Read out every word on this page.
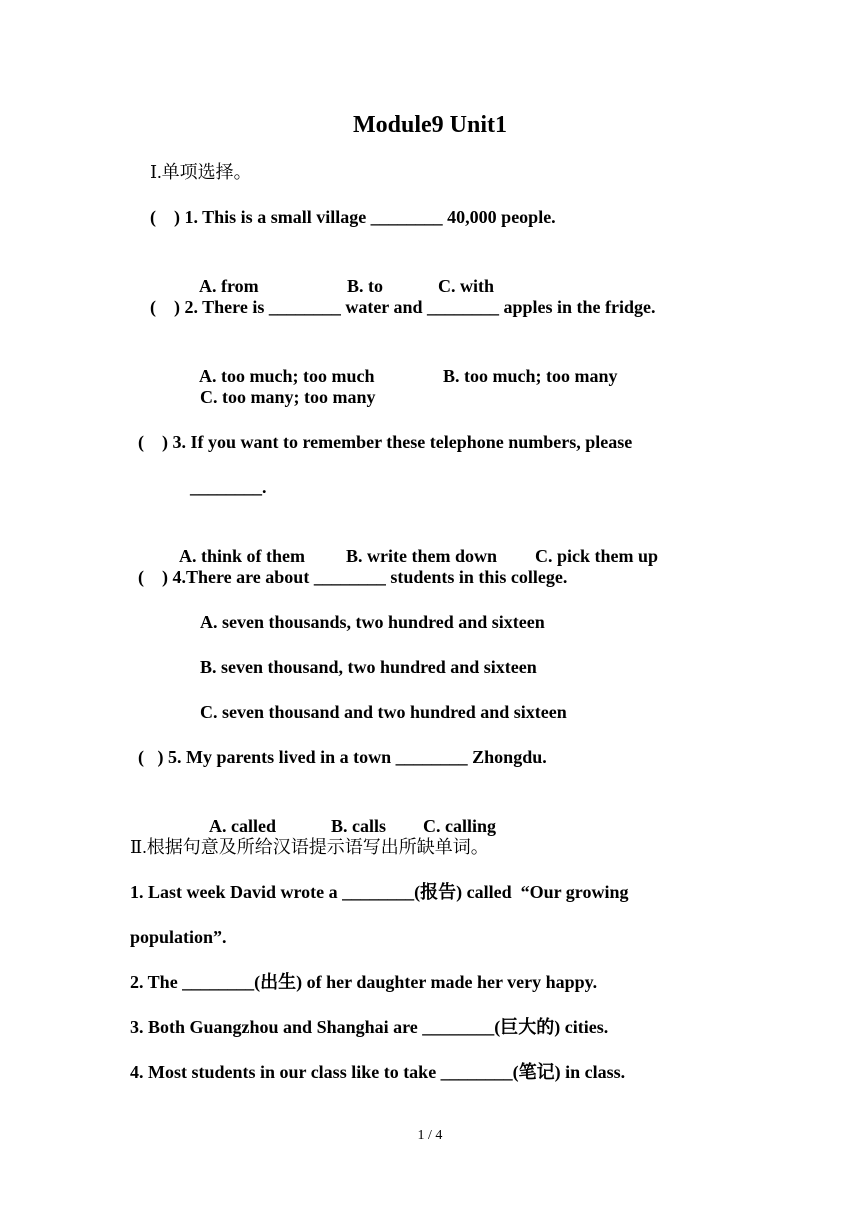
Module9 Unit1
Ⅰ.单项选择。
(    ) 1. This is a small village ________ 40,000 people.

A. from	B. to	C. with

(    ) 2. There is ________ water and ________ apples in the fridge.

A. too much; too much	B. too much; too many

C. too many; too many
(    ) 3. If you want to remember these telephone numbers, please
________.

A. think of them B. write them down C. pick them up

(    ) 4.There are about ________ students in this college.
A. seven thousands, two hundred and sixteen
B. seven thousand, two hundred and sixteen
C. seven thousand and two hundred and sixteen
(   ) 5. My parents lived in a town ________ Zhongdu.

A. called	B. calls C. calling

Ⅱ.根据句意及所给汉语提示语写出所缺单词。
1. Last week David wrote a ________(报告) called  “Our growing
population”.
2. The ________(出生) of her daughter made her very happy.
3. Both Guangzhou and Shanghai are ________(巨大的) cities.
4. Most students in our class like to take ________(笔记) in class.
1 / 4
